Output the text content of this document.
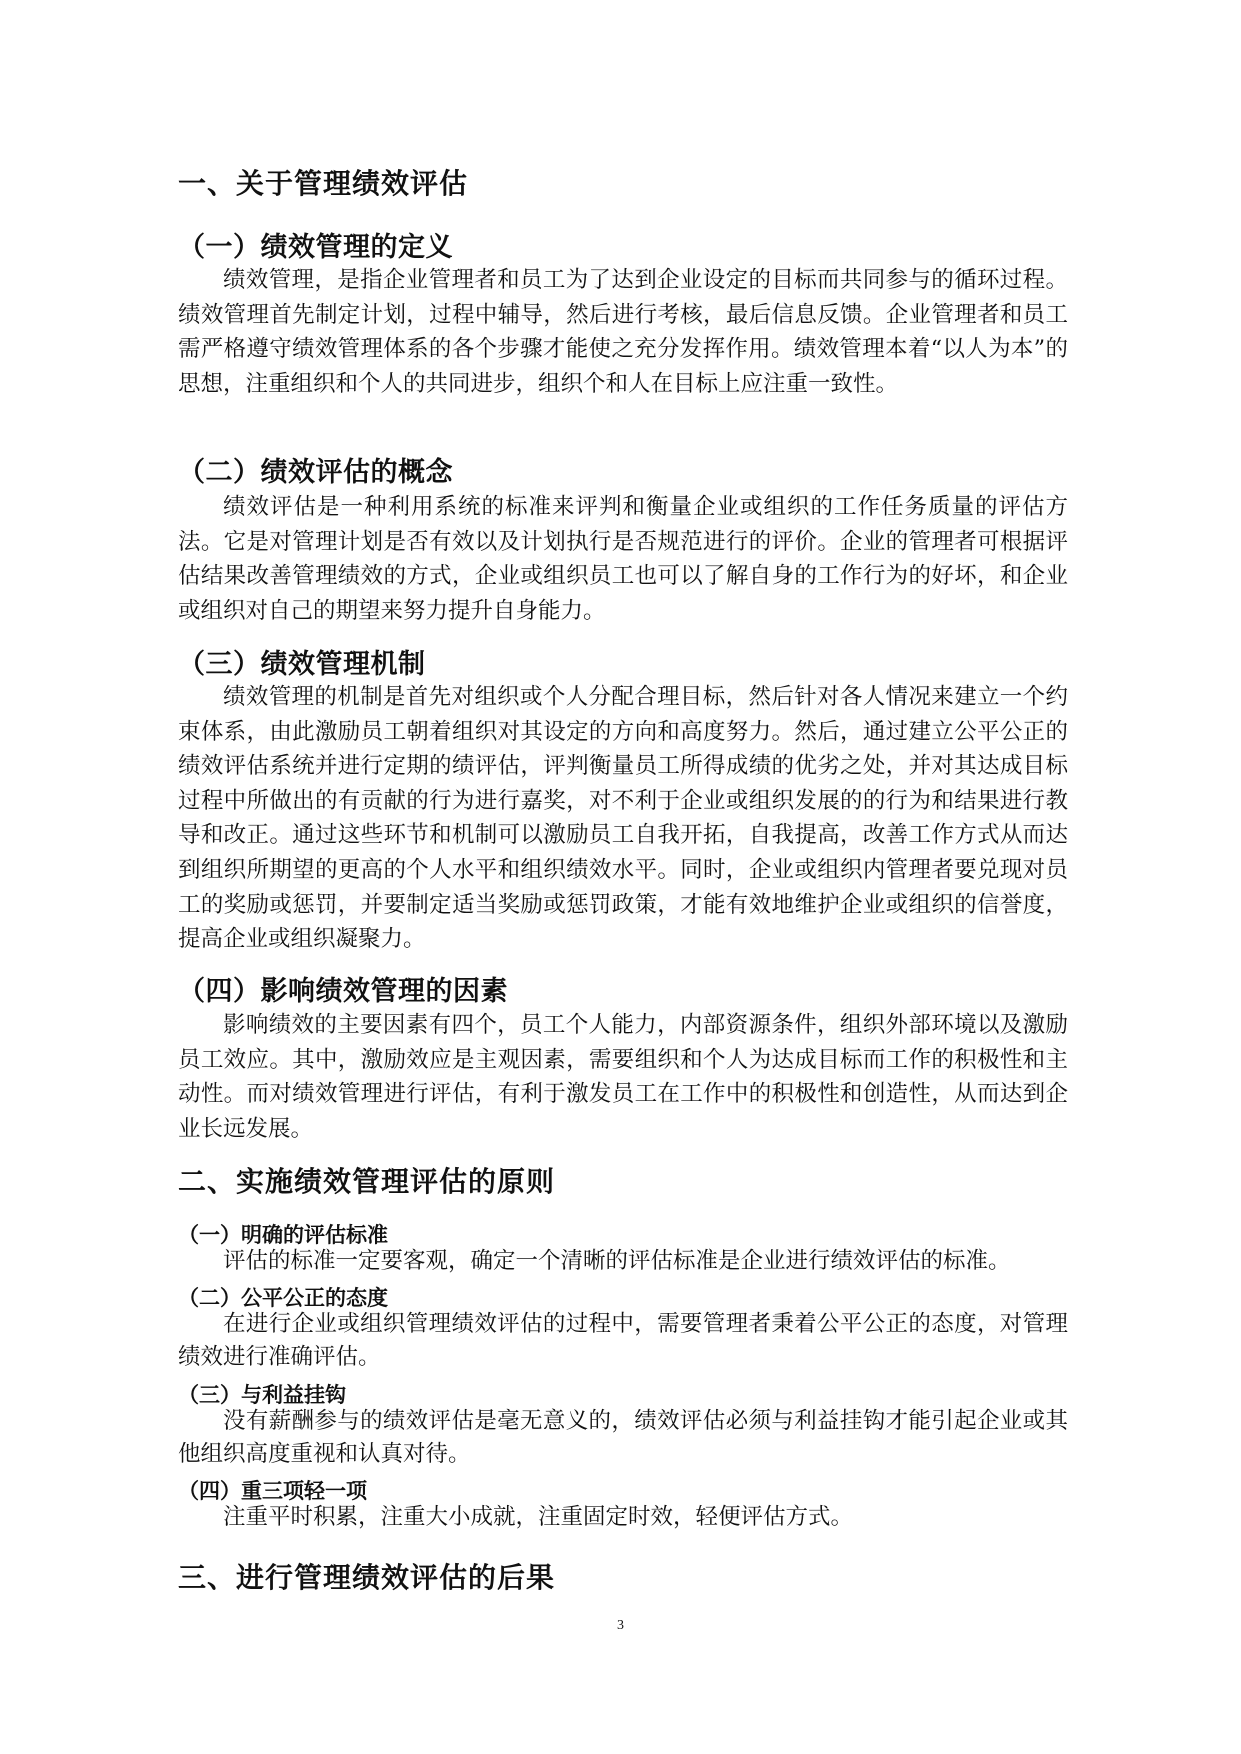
一、关于管理绩效评估
（一）绩效管理的定义

绩效管理，是指企业管理者和员工为了达到企业设定的目标而共同参与的循环过程。绩效管理首先制定计划，过程中辅导，然后进行考核，最后信息反馈。企业管理者和员工需严格遵守绩效管理体系的各个步骤才能使之充分发挥作用。绩效管理本着“以人为本”的思想，注重组织和个人的共同进步，组织个和人在目标上应注重一致性。

（二）绩效评估的概念

绩效评估是一种利用系统的标准来评判和衡量企业或组织的工作任务质量的评估方法。它是对管理计划是否有效以及计划执行是否规范进行的评价。企业的管理者可根据评估结果改善管理绩效的方式，企业或组织员工也可以了解自身的工作行为的好坏，和企业或组织对自己的期望来努力提升自身能力。

（三）绩效管理机制

绩效管理的机制是首先对组织或个人分配合理目标，然后针对各人情况来建立一个约束体系，由此激励员工朝着组织对其设定的方向和高度努力。然后，通过建立公平公正的绩效评估系统并进行定期的绩评估，评判衡量员工所得成绩的优劣之处，并对其达成目标过程中所做出的有贡献的行为进行嘉奖，对不利于企业或组织发展的的行为和结果进行教导和改正。通过这些环节和机制可以激励员工自我开拓，自我提高，改善工作方式从而达到组织所期望的更高的个人水平和组织绩效水平。同时，企业或组织内管理者要兑现对员工的奖励或惩罚，并要制定适当奖励或惩罚政策，才能有效地维护企业或组织的信誉度，提高企业或组织凝聚力。

（四）影响绩效管理的因素

影响绩效的主要因素有四个，员工个人能力，内部资源条件，组织外部环境以及激励员工效应。其中，激励效应是主观因素，需要组织和个人为达成目标而工作的积极性和主动性。而对绩效管理进行评估，有利于激发员工在工作中的积极性和创造性，从而达到企业长远发展。

二、实施绩效管理评估的原则
（一）明确的评估标准

评估的标准一定要客观，确定一个清晰的评估标准是企业进行绩效评估的标准。

（二）公平公正的态度

在进行企业或组织管理绩效评估的过程中，需要管理者秉着公平公正的态度，对管理绩效进行准确评估。

（三）与利益挂钩

没有薪酬参与的绩效评估是毫无意义的，绩效评估必须与利益挂钩才能引起企业或其他组织高度重视和认真对待。

（四）重三项轻一项

注重平时积累，注重大小成就，注重固定时效，轻便评估方式。

三、进行管理绩效评估的后果
3
